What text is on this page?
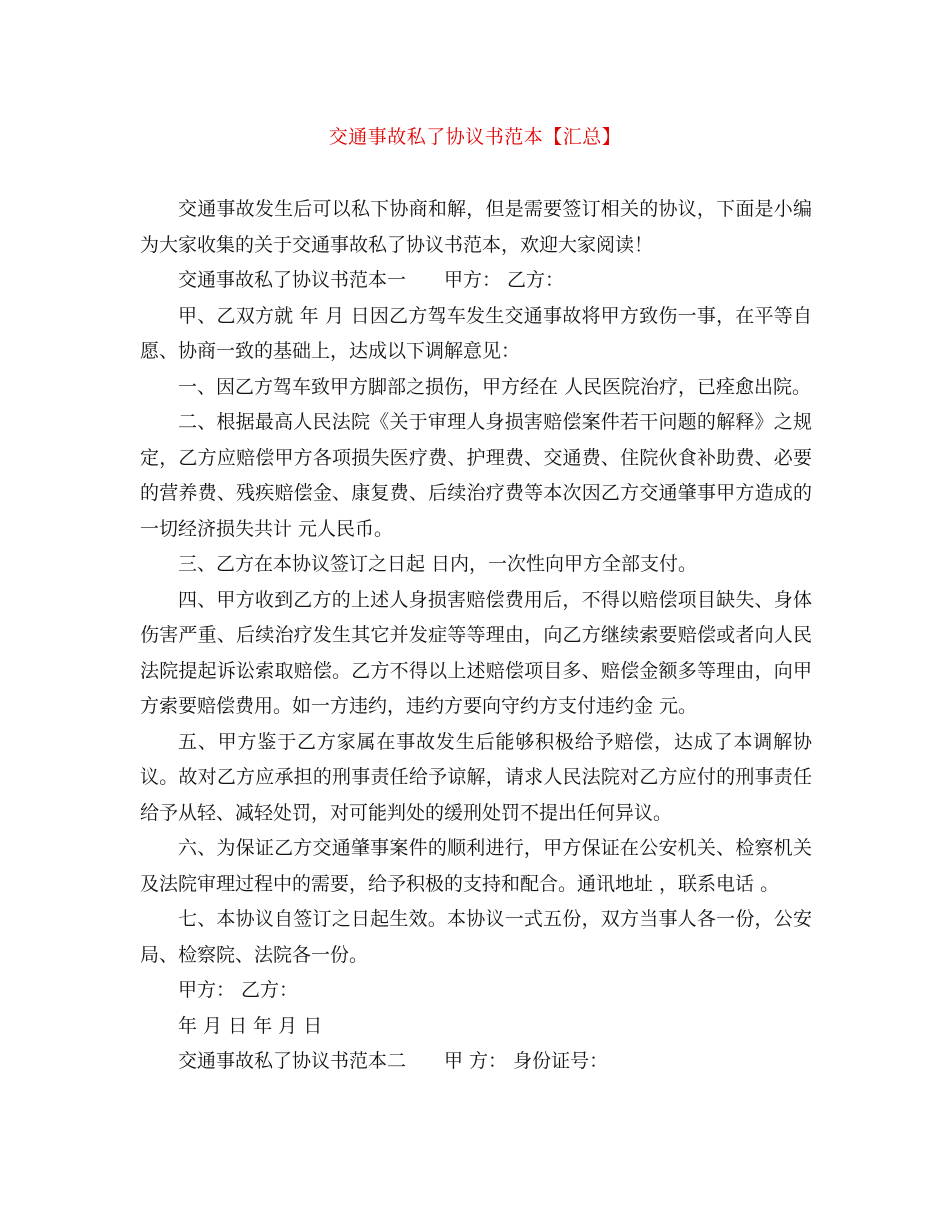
交通事故私了协议书范本【汇总】

交通事故发生后可以私下协商和解，但是需要签订相关的协议，下面是小编为大家收集的关于交通事故私了协议书范本，欢迎大家阅读！

交通事故私了协议书范本一　　甲方： 乙方：

甲、乙双方就 年 月 日因乙方驾车发生交通事故将甲方致伤一事，在平等自愿、协商一致的基础上，达成以下调解意见：

一、因乙方驾车致甲方脚部之损伤，甲方经在 人民医院治疗，已痊愈出院。

二、根据最高人民法院《关于审理人身损害赔偿案件若干问题的解释》之规定，乙方应赔偿甲方各项损失医疗费、护理费、交通费、住院伙食补助费、必要的营养费、残疾赔偿金、康复费、后续治疗费等本次因乙方交通肇事甲方造成的一切经济损失共计 元人民币。

三、乙方在本协议签订之日起 日内，一次性向甲方全部支付。

四、甲方收到乙方的上述人身损害赔偿费用后，不得以赔偿项目缺失、身体伤害严重、后续治疗发生其它并发症等等理由，向乙方继续索要赔偿或者向人民法院提起诉讼索取赔偿。乙方不得以上述赔偿项目多、赔偿金额多等理由，向甲方索要赔偿费用。如一方违约，违约方要向守约方支付违约金 元。

五、甲方鉴于乙方家属在事故发生后能够积极给予赔偿，达成了本调解协议。故对乙方应承担的刑事责任给予谅解，请求人民法院对乙方应付的刑事责任给予从轻、减轻处罚，对可能判处的缓刑处罚不提出任何异议。

六、为保证乙方交通肇事案件的顺利进行，甲方保证在公安机关、检察机关及法院审理过程中的需要，给予积极的支持和配合。通讯地址 ，联系电话 。

七、本协议自签订之日起生效。本协议一式五份，双方当事人各一份，公安局、检察院、法院各一份。

甲方： 乙方：

年 月 日 年 月 日

交通事故私了协议书范本二　　甲 方： 身份证号：
